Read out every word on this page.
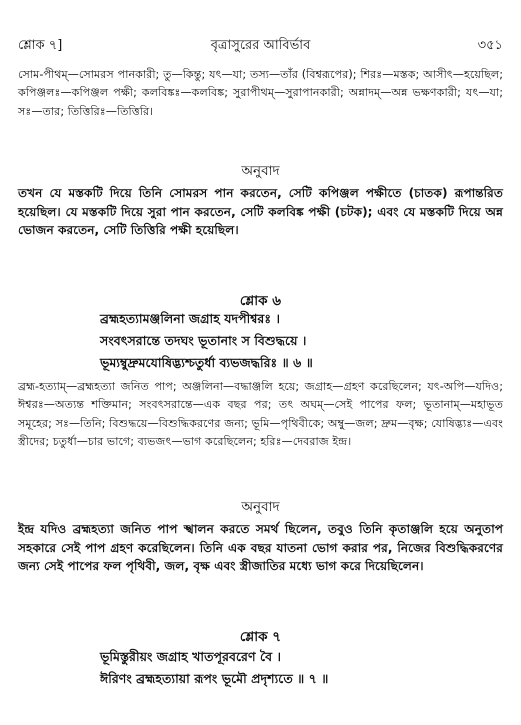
শ্লোক ৭]	বৃত্রাসুরের আবির্ভাব	৩৫১
সোম-পীথম্—সোমরস পানকারী; তু—কিন্তু; যৎ—যা; তস্য—তাঁর (বিশ্বরূপের); শিরঃ—মস্তক; আসীৎ—হয়েছিল; কপিঞ্জলঃ—কপিঞ্জল পক্ষী; কলবিঙ্কঃ—কলবিঙ্ক; সুরাপীথম্—সুরাপানকারী; অন্নাদম্—অন্ন ভক্ষণকারী; যৎ—যা; সঃ—তার; তিত্তিরিঃ—তিত্তিরি।
অনুবাদ
তখন যে মস্তকটি দিয়ে তিনি সোমরস পান করতেন, সেটি কপিঞ্জল পক্ষীতে (চাতক) রূপান্তরিত হয়েছিল। যে মস্তকটি দিয়ে সুরা পান করতেন, সেটি কলবিঙ্ক পক্ষী (চটক); এবং যে মস্তকটি দিয়ে অন্ন ভোজন করতেন, সেটি তিত্তিরি পক্ষী হয়েছিল।
শ্লোক ৬
ব্রহ্মহত্যামঞ্জলিনা জগ্রাহ যদপীশ্বরঃ ।
সংবৎসরান্তে তদঘং ভূতানাং স বিশুদ্ধয়ে ।
ভূম্যম্বুদ্রুমযোষিদ্ভ্যশ্চতুর্ধা ব্যভজদ্ধরিঃ ॥ ৬ ॥
ব্রহ্ম-হত্যাম্—ব্রহ্মহত্যা জনিত পাপ; অঞ্জলিনা—বদ্ধাঞ্জলি হয়ে; জগ্রাহ—গ্রহণ করেছিলেন; যৎ-অপি—যদিও; ঈশ্বরঃ—অত্যন্ত শক্তিমান; সংবৎসরান্তে—এক বছর পর; তৎ অঘম্—সেই পাপের ফল; ভূতানাম্—মহাভূত সমূহের; সঃ—তিনি; বিশুদ্ধয়ে—বিশুদ্ধিকরণের জন্য; ভূমি—পৃথিবীকে; অম্বু—জল; দ্রুম—বৃক্ষ; যোষিদ্ভ্যঃ—এবং স্ত্রীদের; চতুর্ধা—চার ভাগে; ব্যভজৎ—ভাগ করেছিলেন; হরিঃ—দেবরাজ ইন্দ্র।
অনুবাদ
ইন্দ্র যদিও ব্রহ্মহত্যা জনিত পাপ স্খালন করতে সমর্থ ছিলেন, তবুও তিনি কৃতাঞ্জলি হয়ে অনুতাপ সহকারে সেই পাপ গ্রহণ করেছিলেন। তিনি এক বছর যাতনা ভোগ করার পর, নিজের বিশুদ্ধিকরণের জন্য সেই পাপের ফল পৃথিবী, জল, বৃক্ষ এবং স্ত্রীজাতির মধ্যে ভাগ করে দিয়েছিলেন।
শ্লোক ৭
ভূমিস্তুরীয়ং জগ্রাহ খাতপূরবরেণ বৈ ।
ঈরিণং ব্রহ্মহত্যায়া রূপং ভূমৌ প্রদৃশ্যতে ॥ ৭ ॥
